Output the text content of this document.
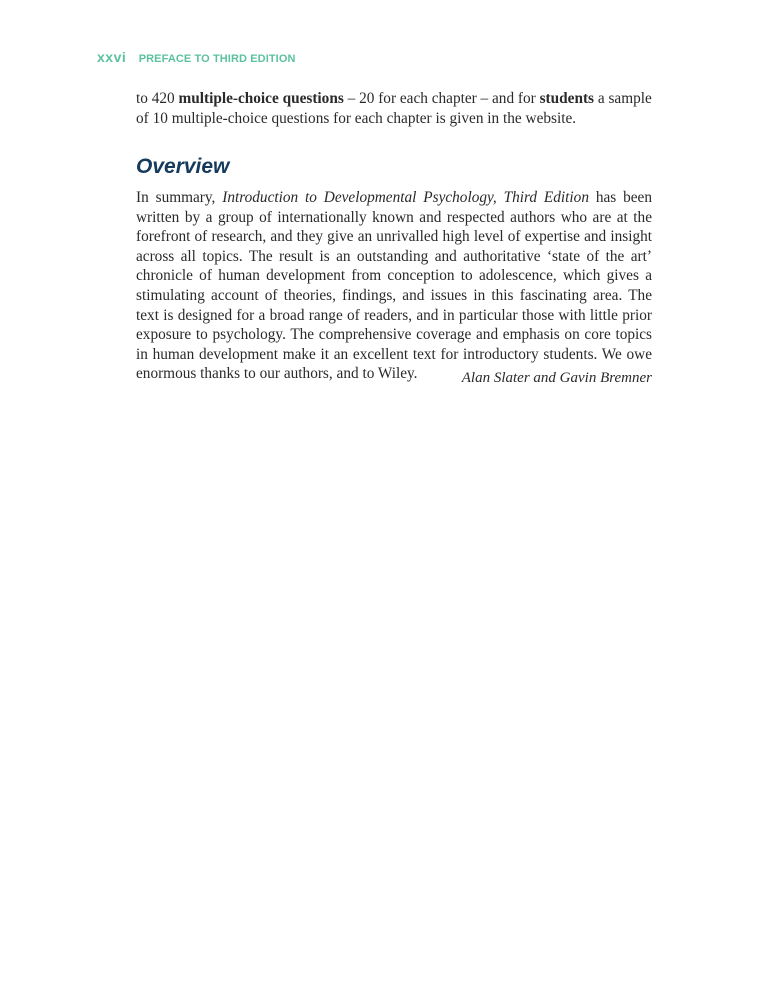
xxvi PREFACE TO THIRD EDITION

to 420 multiple-choice questions – 20 for each chapter – and for students a sample of 10 multiple-choice questions for each chapter is given in the website.

Overview

In summary, Introduction to Developmental Psychology, Third Edition has been written by a group of internationally known and respected authors who are at the forefront of research, and they give an unrivalled high level of expertise and insight across all topics. The result is an outstanding and authoritative ‘state of the art’ chronicle of human development from conception to adolescence, which gives a stimulating account of theories, findings, and issues in this fascinating area. The text is designed for a broad range of readers, and in particular those with little prior exposure to psychology. The comprehensive coverage and emphasis on core topics in human development make it an excellent text for introductory students. We owe enormous thanks to our authors, and to Wiley.	Alan Slater and Gavin Bremner
